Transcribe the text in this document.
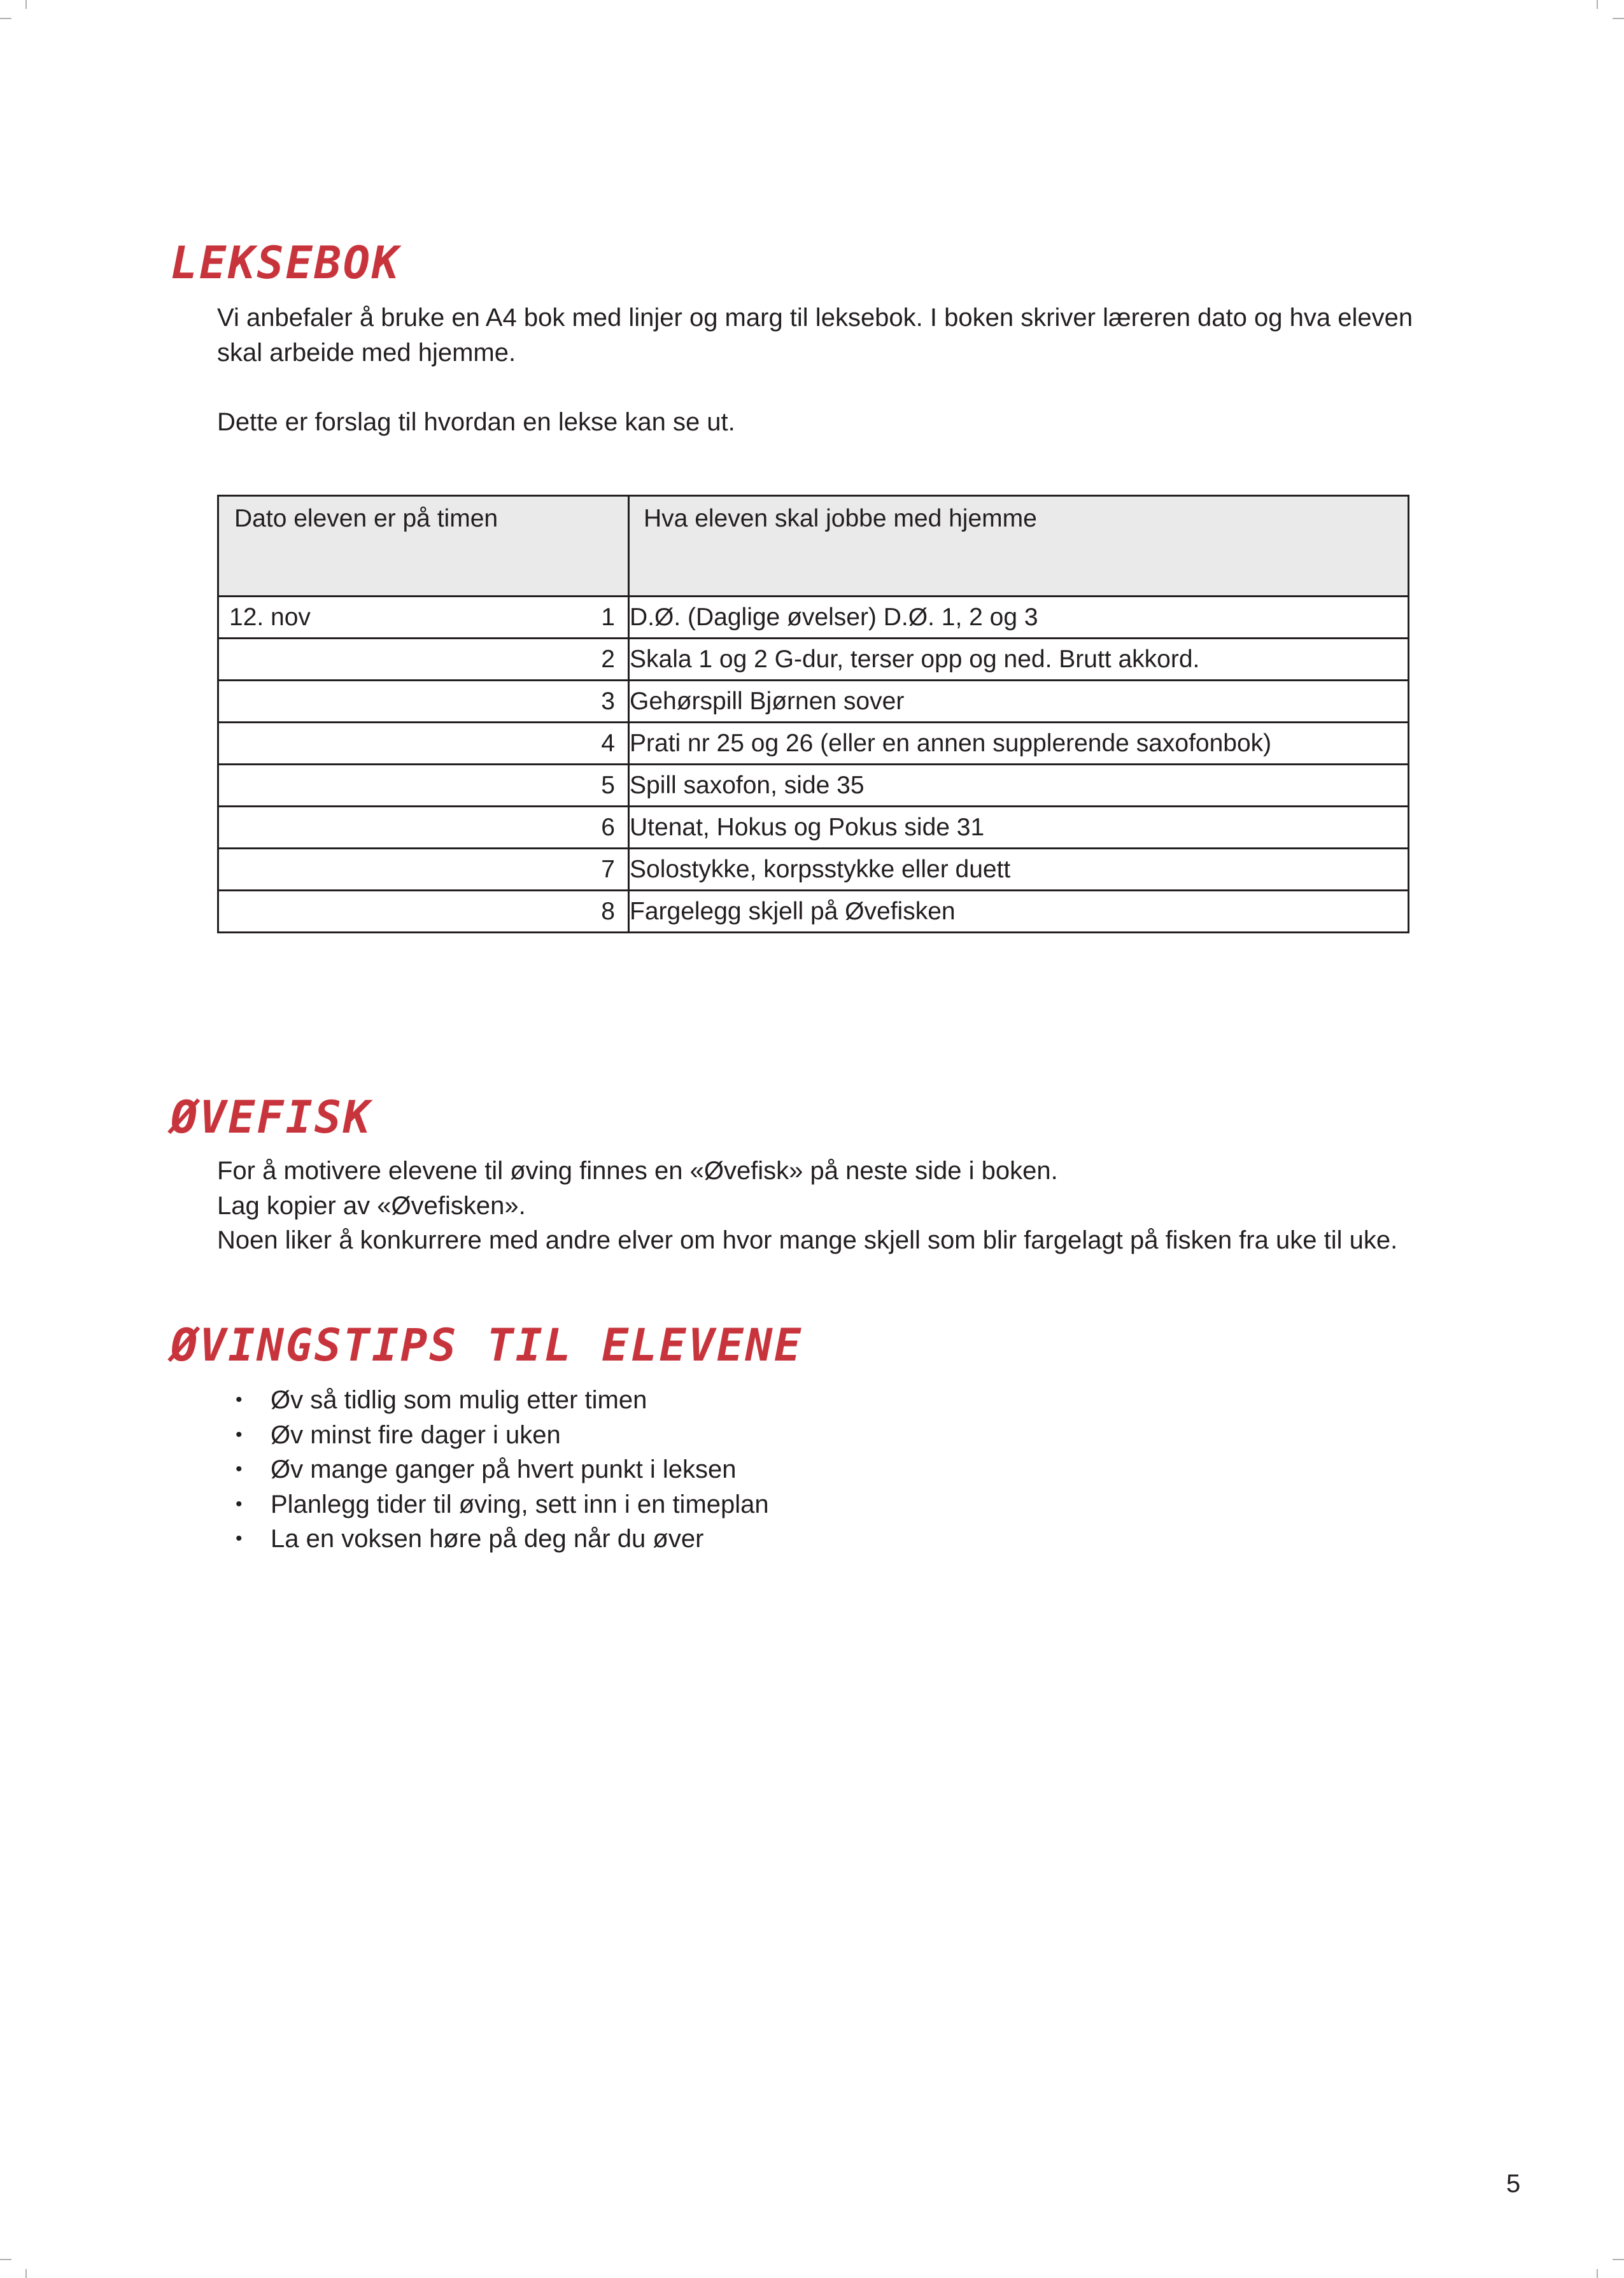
LEKSEBOK

Vi anbefaler å bruke en A4 bok med linjer og marg til leksebok. I boken skriver læreren dato og hva eleven skal arbeide med hjemme.

Dette er forslag til hvordan en lekse kan se ut.

Dato eleven er på timen	Hva eleven skal jobbe med hjemme
12. nov 1	D.Ø. (Daglige øvelser) D.Ø. 1, 2 og 3

2	Skala 1 og 2 G-dur, terser opp og ned. Brutt akkord.

3	Gehørspill Bjørnen sover

4	Prati nr 25 og 26 (eller en annen supplerende saxofonbok)

5	Spill saxofon, side 35

6	Utenat, Hokus og Pokus side 31

7	Solostykke, korpsstykke eller duett

8	Fargelegg skjell på Øvefisken
ØVEFISK

For å motivere elevene til øving finnes en «Øvefisk» på neste side i boken.

Lag kopier av «Øvefisken».

Noen liker å konkurrere med andre elver om hvor mange skjell som blir fargelagt på fisken fra uke til uke.

ØVINGSTIPS TIL ELEVENE
• Øv så tidlig som mulig etter timen
• Øv minst fire dager i uken
• Øv mange ganger på hvert punkt i leksen
• Planlegg tider til øving, sett inn i en timeplan
• La en voksen høre på deg når du øver
5
